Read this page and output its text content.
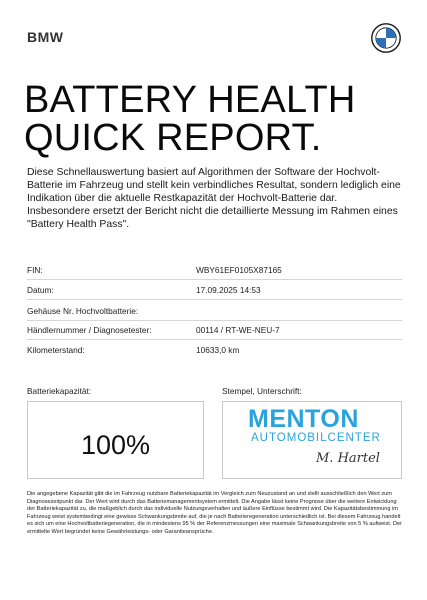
BMW
BATTERY HEALTH
QUICK REPORT.
Diese Schnellauswertung basiert auf Algorithmen der Software der Hochvolt-Batterie im Fahrzeug und stellt kein verbindliches Resultat, sondern lediglich eine Indikation über die aktuelle Restkapazität der Hochvolt-Batterie dar. Insbesondere ersetzt der Bericht nicht die detaillierte Messung im Rahmen eines "Battery Health Pass".
FIN:	WBY61EF0105X87165
Datum:	17.09.2025 14:53
Gehäuse Nr. Hochvoltbatterie:
Händlernummer / Diagnosetester:	00114 / RT-WE-NEU-7
Kilometerstand:	10633,0 km
Batteriekapazität:	Stempel, Unterschrift:
100%
MENTON
AUTOMOBILCENTER
M. Hartel
Die angegebene Kapazität gibt die im Fahrzeug nutzbare Batteriekapazität im Vergleich zum Neuzustand an und stellt ausschließlich den Wert zum Diagnosezeitpunkt dar. Der Wert wird durch das Batteriemanagementsystem ermittelt. Die Angabe lässt keine Prognose über die weitere Entwicklung der Batteriekapazität zu, die maßgeblich durch das individuelle Nutzungsverhalten und äußere Einflüsse bestimmt wird. Die Kapazitätsbestimmung im Fahrzeug weist systembedingt eine gewisse Schwankungsbreite auf, die je nach Batterieregeneration unterschiedlich ist. Bei diesem Fahrzeug handelt es sich um eine Hochvoltbatteriegeneration, die in mindestens 95 % der Referenzmessungen eine maximale Schwankungsbreite von 5 % aufweist. Der ermittelte Wert begründet keine Gewährleistungs- oder Garantieansprüche.
